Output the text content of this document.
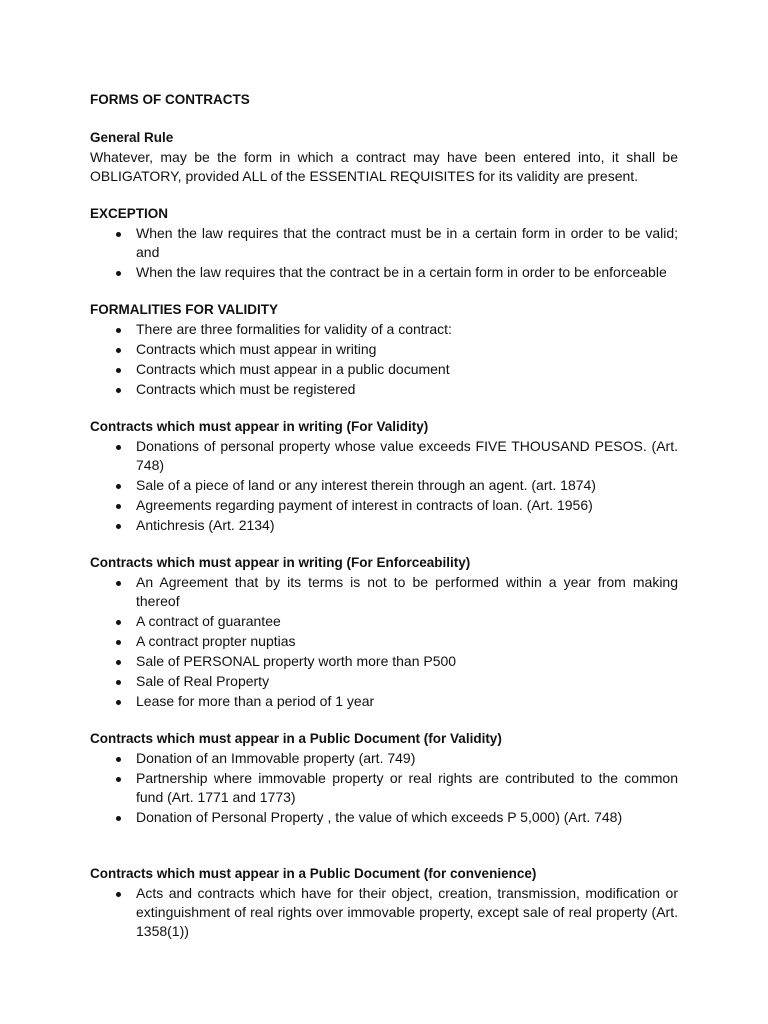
FORMS OF CONTRACTS

General Rule

Whatever, may be the form in which a contract may have been entered into, it shall be OBLIGATORY, provided ALL of the ESSENTIAL REQUISITES for its validity are present.

EXCEPTION

When the law requires that the contract must be in a certain form in order to be valid; and
When the law requires that the contract be in a certain form in order to be enforceable

FORMALITIES FOR VALIDITY

There are three formalities for validity of a contract:
Contracts which must appear in writing
Contracts which must appear in a public document
Contracts which must be registered

Contracts which must appear in writing (For Validity)

Donations of personal property whose value exceeds FIVE THOUSAND PESOS. (Art. 748)
Sale of a piece of land or any interest therein through an agent. (art. 1874)
Agreements regarding payment of interest in contracts of loan. (Art. 1956)
Antichresis (Art. 2134)

Contracts which must appear in writing (For Enforceability)

An Agreement that by its terms is not to be performed within a year from making thereof
A contract of guarantee
A contract propter nuptias
Sale of PERSONAL property worth more than P500
Sale of Real Property
Lease for more than a period of 1 year

Contracts which must appear in a Public Document (for Validity)

Donation of an Immovable property (art. 749)
Partnership where immovable property or real rights are contributed to the common fund (Art. 1771 and 1773)
Donation of Personal Property , the value of which exceeds P 5,000) (Art. 748)

Contracts which must appear in a Public Document (for convenience)

Acts and contracts which have for their object, creation, transmission, modification or extinguishment of real rights over immovable property, except sale of real property (Art. 1358(1))
